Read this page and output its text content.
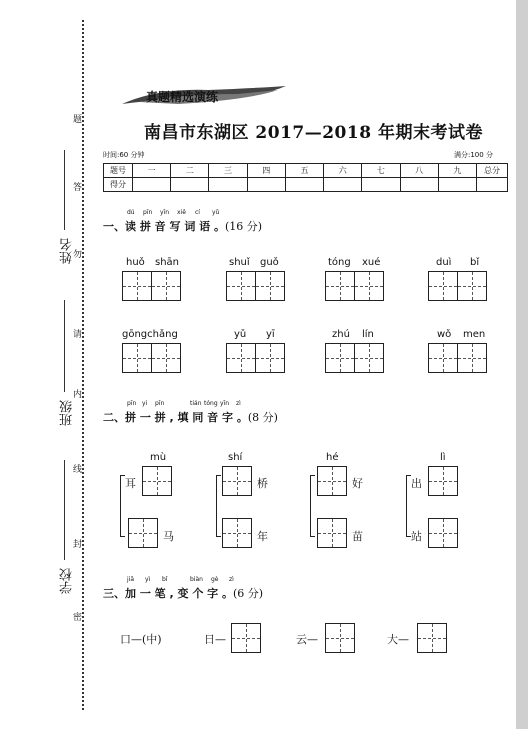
题
答
勿
请
内
线
封
密
姓名
班级
学校
真题精选演练
南昌市东湖区 2017—2018 年期末考试卷
时间:60 分钟	满分:100 分
题号	一	二	三	四	五	六	七	八	九	总分
得分										
dú pīn yīn xiě cí yǔ
一、读 拼 音 写 词 语 。(16 分)
huǒ shān	shuǐ guǒ	tóng xué	duì bǐ
gōngchǎng	yǔ yī	zhú lín	wǒ men
pīn yi pīn	tián tóng yīn zì
二、拼 一 拼 , 填 同 音 字 。(8 分)
mù
耳
马
shí
桥
年
hé
好
苗
lì
出
站
jiā yì bǐ	biàn gè zì
三、加 一 笔 , 变 个 字 。(6 分)
口—(中)	日—	云—	大—
